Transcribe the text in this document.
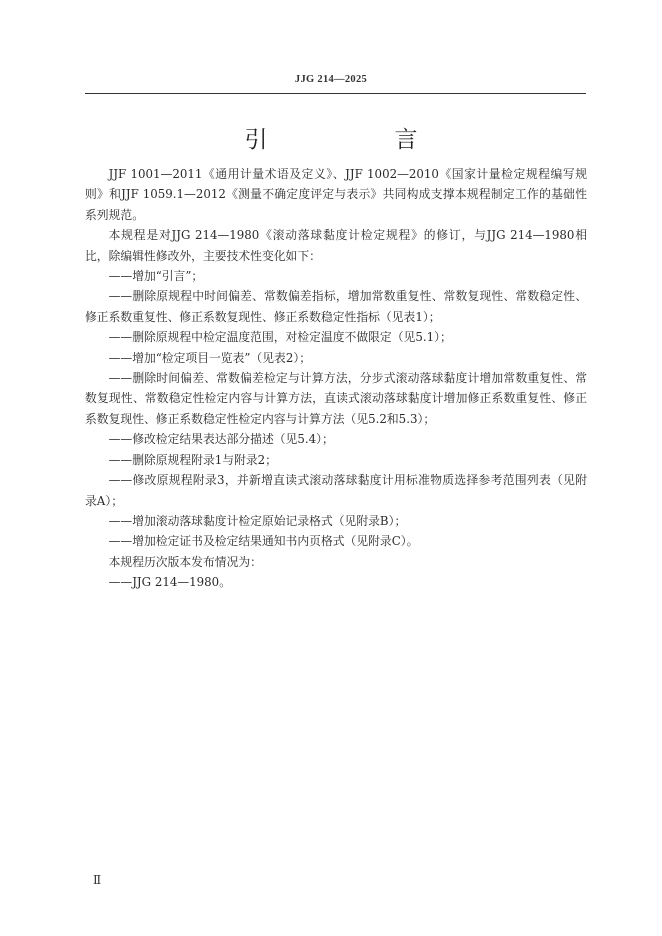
JJG 214—2025
引　言

JJF 1001—2011《通用计量术语及定义》、JJF 1002—2010《国家计量检定规程编写规则》和JJF 1059.1—2012《测量不确定度评定与表示》共同构成支撑本规程制定工作的基础性系列规范。

本规程是对JJG 214—1980《滚动落球黏度计检定规程》的修订，与JJG 214—1980相比，除编辑性修改外，主要技术性变化如下：

——增加“引言”；

——删除原规程中时间偏差、常数偏差指标，增加常数重复性、常数复现性、常数稳定性、修正系数重复性、修正系数复现性、修正系数稳定性指标（见表1）；

——删除原规程中检定温度范围，对检定温度不做限定（见5.1）；

——增加“检定项目一览表”（见表2）；

——删除时间偏差、常数偏差检定与计算方法，分步式滚动落球黏度计增加常数重复性、常数复现性、常数稳定性检定内容与计算方法，直读式滚动落球黏度计增加修正系数重复性、修正系数复现性、修正系数稳定性检定内容与计算方法（见5.2和5.3）；

——修改检定结果表达部分描述（见5.4）；

——删除原规程附录1与附录2；

——修改原规程附录3，并新增直读式滚动落球黏度计用标准物质选择参考范围列表（见附录A）；

——增加滚动落球黏度计检定原始记录格式（见附录B）；

——增加检定证书及检定结果通知书内页格式（见附录C）。

本规程历次版本发布情况为：

——JJG 214—1980。

Ⅱ
